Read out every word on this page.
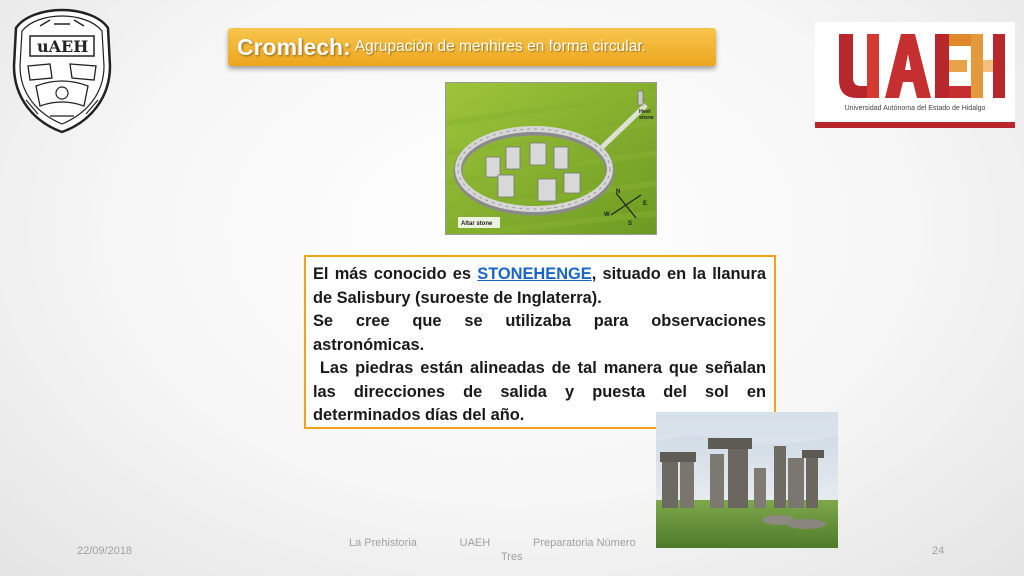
uAEH	Cromlech: Agrupación de menhires en forma circular.
Universidad Autónoma del Estado de Hidalgo
Heel
stone
N
E
W
S
Altar stone

El más conocido es STONEHENGE, situado en la llanura de Salisbury (suroeste de Inglaterra).

Se cree que se utilizaba para observaciones astronómicas.

Las piedras están alineadas de tal manera que señalan las direcciones de salida y puesta del sol en determinados días del año.

22/09/2018
La Prehistoria              UAEH              Preparatoria Número
Tres	24
